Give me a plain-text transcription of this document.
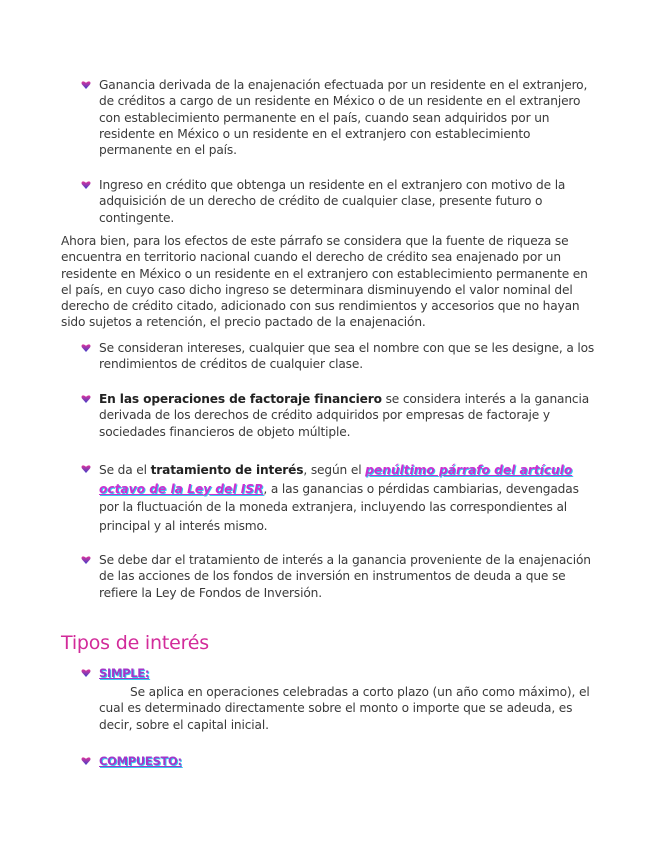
Ganancia derivada de la enajenación efectuada por un residente en el extranjero, de créditos a cargo de un residente en México o de un residente en el extranjero con establecimiento permanente en el país, cuando sean adquiridos por un residente en México o un residente en el extranjero con establecimiento permanente en el país.
Ingreso en crédito que obtenga un residente en el extranjero con motivo de la adquisición de un derecho de crédito de cualquier clase, presente futuro o contingente.
Ahora bien, para los efectos de este párrafo se considera que la fuente de riqueza se encuentra en territorio nacional cuando el derecho de crédito sea enajenado por un residente en México o un residente en el extranjero con establecimiento permanente en el país, en cuyo caso dicho ingreso se determinara disminuyendo el valor nominal del derecho de crédito citado, adicionado con sus rendimientos y accesorios que no hayan sido sujetos a retención, el precio pactado de la enajenación.
Se consideran intereses, cualquier que sea el nombre con que se les designe, a los rendimientos de créditos de cualquier clase.
En las operaciones de factoraje financiero se considera interés a la ganancia derivada de los derechos de crédito adquiridos por empresas de factoraje y sociedades financieros de objeto múltiple.
Se da el tratamiento de interés, según el penúltimo párrafo del artículo octavo de la Ley del ISR, a las ganancias o pérdidas cambiarias, devengadas por la fluctuación de la moneda extranjera, incluyendo las correspondientes al principal y al interés mismo.
Se debe dar el tratamiento de interés a la ganancia proveniente de la enajenación de las acciones de los fondos de inversión en instrumentos de deuda a que se refiere la Ley de Fondos de Inversión.
Tipos de interés
SIMPLE:
Se aplica en operaciones celebradas a corto plazo (un año como máximo), el cual es determinado directamente sobre el monto o importe que se adeuda, es decir, sobre el capital inicial.
COMPUESTO:
